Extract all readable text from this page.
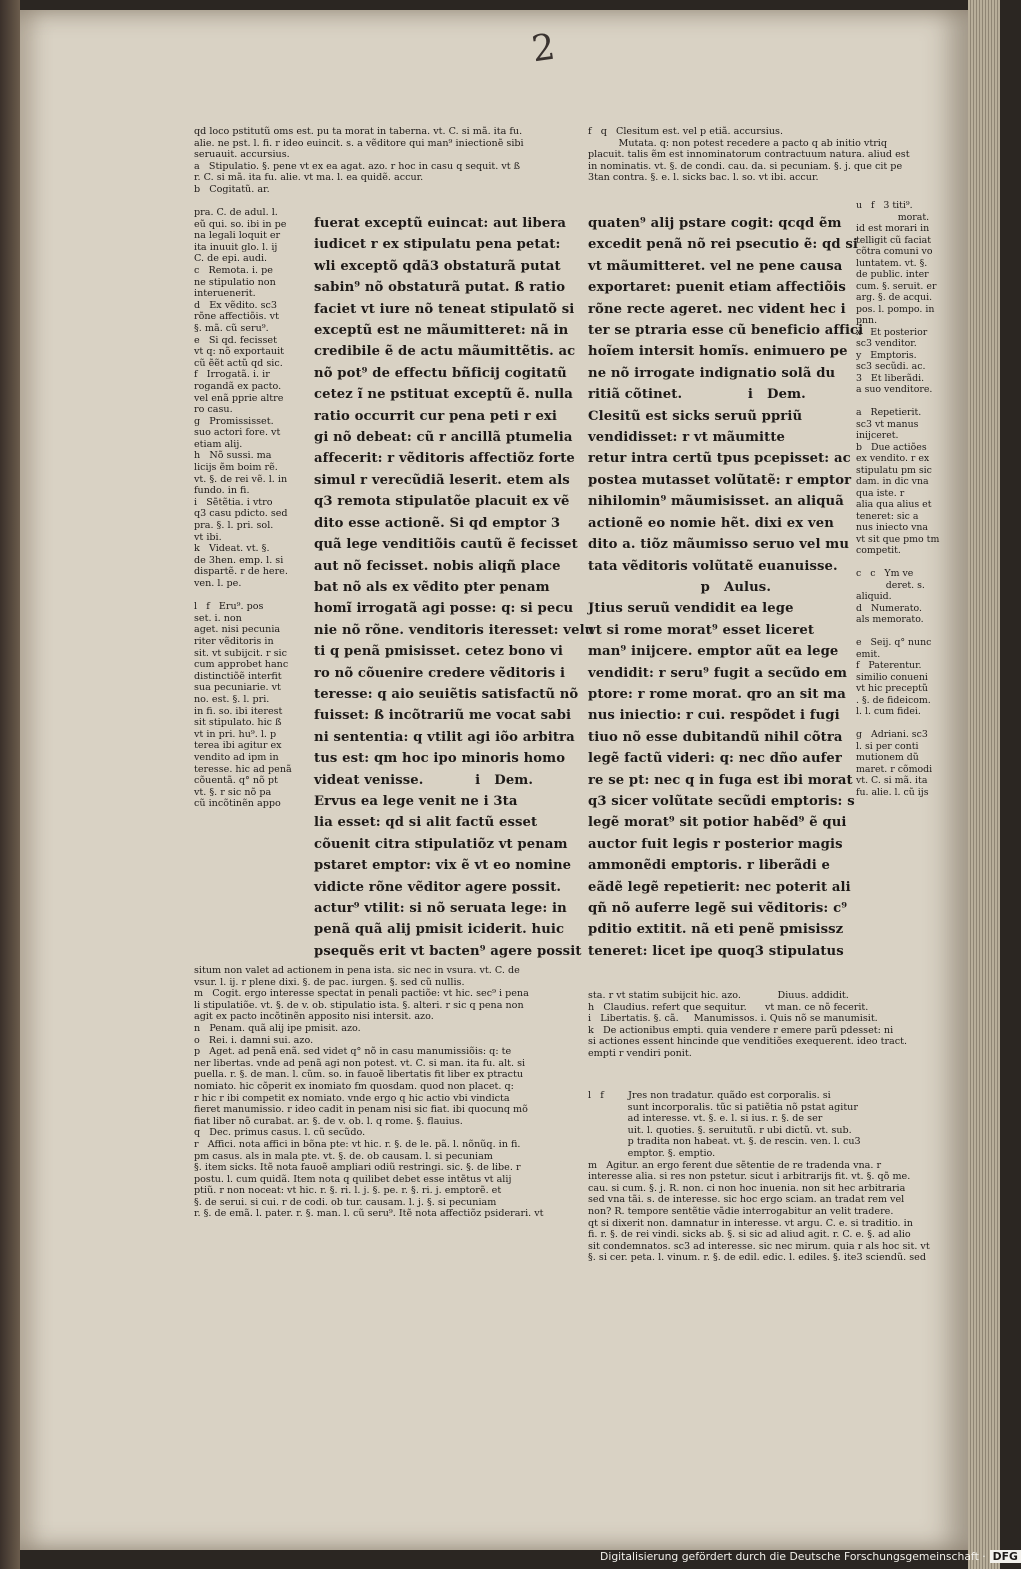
2
qd loco pstitutũ oms est. pu ta morat in taberna. vt. C. si mã. ita fu.
alie. ne pst. l. fi. r ideo euincit. s. a vẽditore qui man⁹ iniectionẽ sibi
seruauit. accursius.
a   Stipulatio. §. pene vt ex ea agat. azo. r hoc in casu q sequit. vt ß
r. C. si mã. ita fu. alie. vt ma. l. ea quidẽ. accur.
b   Cogitatũ. ar.
pra. C. de adul. l.
eũ qui. so. ibi in pe
na legali loquit er
ita inuuit glo. l. ij
C. de epi. audi.
c   Remota. i. pe
ne stipulatio non
interuenerit.
d   Ex vẽdito. sc3
rõne affectiõis. vt
§. mã. cũ seru⁹.
e   Si qd. fecisset
vt q: nõ exportauit
cũ ẽẽt actũ qd sic.
f   Irrogatã. i. ir
rogandã ex pacto.
vel enã pprie altre
ro casu.
g   Promississet.
suo actori fore. vt
etiam alij.
h   Nõ sussi. ma
licijs ẽm boim rẽ.
vt. §. de rei vẽ. l. in
fundo. in fi.
i   Sẽtẽtia. i vtro
q3 casu pdicto. sed
pra. §. l. pri. sol.
vt ibi.
k   Videat. vt. §.
de 3hen. emp. l. si
dispartẽ. r de here.
ven. l. pe.

l   f   Eru⁹. pos
set. i. non
aget. nisi pecunia
riter vẽditoris in
sit. vt subijcit. r sic
cum approbet hanc
distinctiõẽ interfit
sua pecuniarie. vt
no. est. §. l. pri.
in fi. so. ibi iterest
sit stipulato. hic ß
vt in pri. hu⁹. l. p
terea ibi agitur ex
vendito ad ipm in
teresse. hic ad penã
cõuentã. q° nõ pt
vt. §. r sic nõ pa
cũ incõtinẽn appo
fuerat exceptũ euincat: aut libera
iudicet r ex stipulatu pena petat:
wli exceptõ qdã3 obstaturã putat
sabin⁹ nõ obstaturã putat. ß ratio
faciet vt iure nõ teneat stipulatõ si
exceptũ est ne mãumitteret: nã in
credibile ẽ de actu mãumittẽtis. ac
nõ pot⁹ de effectu bñficij cogitatũ
cetez ĩ ne pstituat exceptũ ẽ. nulla
ratio occurrit cur pena peti r exi
gi nõ debeat: cũ r ancillã ptumelia
affecerit: r vẽditoris affectiõz forte
simul r verecũdiã leserit. etem als
q3 remota stipulatõe placuit ex vẽ
dito esse actionẽ. Si qd emptor 3
quã lege venditiõis cautũ ẽ fecisset
aut nõ fecisset. nobis aliqñ place
bat nõ als ex vẽdito pter penam
homĩ irrogatã agi posse: q: si pecu
nie nõ rõne. venditoris iteresset:
ti q penã pmisisset. cetez bono vi
ro nõ cõuenire credere vẽditoris i
teresse: q aio seuiẽtis satisfactũ nõ
fuisset: ß incõtrariũ me vocat sabi
ni sententia: q vtilit agi iõo arbitra
tus est: qm hoc ipo minoris homo
videat venisse.           i   Dem.
Ervus ea lege venit ne i 3ta
lia esset: qd si alit factũ esset
cõuenit citra stipulatiõz vt penam
pstaret emptor: vix ẽ vt eo nomine
vidicte rõne vẽditor agere possit.
actur⁹ vtilit: si nõ seruata lege: in
penã quã alij pmisit iciderit. huic
psequẽs erit vt bacten⁹ agere possit
situm non valet ad actionem in pena ista. sic nec in vsura. vt. C. de
vsur. l. ij. r plene dixi. §. de pac. iurgen. §. sed cũ nullis.
m   Cogit. ergo interesse spectat in penali pactiõe: vt hic. sec⁹ i pena
li stipulatiõe. vt. §. de v. ob. stipulatio ista. §. alteri. r sic q pena non
agit ex pacto incõtinẽn apposito nisi intersit. azo.
n   Penam. quã alij ipe pmisit. azo.
o   Rei. i. damni sui. azo.
p   Aget. ad penã enã. sed videt q° nõ in casu manumissiõis: q: te
ner libertas. vnde ad penã agi non potest. vt. C. si man. ita fu. alt. si
puella. r. §. de man. l. cũm. so. in fauoẽ libertatis fit liber ex ptractu
nomiato. hic cõperit ex inomiato fm quosdam. quod non placet. q:
r hic r ibi competit ex nomiato. vnde ergo q hic actio vbi vindicta
fieret manumissio. r ideo cadit in penam nisi sic fiat. ibi quocunq mõ
fiat liber nõ curabat. ar. §. de v. ob. l. q rome. §. flauius.
q   Dec. primus casus. l. cũ secũdo.
r   Affici. nota affici in bõna pte: vt hic. r. §. de le. pã. l. nõnũq. in fi.
pm casus. als in mala pte. vt. §. de. ob causam. l. si pecuniam
§. item sicks. Itẽ nota fauoẽ ampliari odiũ restringi. sic. §. de libe. r
postu. l. cum quidã. Item nota q quilibet debet esse intẽtus vt alij
ptiũ. r non noceat: vt hic. r. §. ri. l. j. §. pe. r. §. ri. j. emptorẽ. et
§. de serui. si cui. r de codi. ob tur. causam. l. j. §. si pecuniam
r. §. de emã. l. pater. r. §. man. l. cũ seru⁹. Itẽ nota affectiõz psiderari. vt
f   q   Clesitum est. vel p etiã. accursius.
Mutata. q: non potest recedere a pacto q ab initio vtriq
placuit. talis ẽm est innominatorum contractuum natura. aliud est
in nominatis. vt. §. de condi. cau. da. si pecuniam. §. j. que cit pe
3tan contra. §. e. l. sicks bac. l. so. vt ibi. accur.
quaten⁹ alij pstare cogit: qcqd ẽm
excedit penã nõ rei psecutio ẽ: qd
vt mãumitteret. vel ne pene causa
exportaret: puenit etiam affectiõis
rõne recte ageret. nec vident hec i
ter se ptraria esse cũ beneficio affici
hoĩem intersit homĩs. enimuero pe
ne nõ irrogate indignatio solã du
ritiã cõtinet.              i   Dem.
Clesitũ est sicks seruũ ppriũ
vendidisset: r vt mãumitte
retur intra certũ tpus pcepisset: ac
postea mutasset volũtatẽ: r emptor
nihilomin⁹ mãumisisset. an aliquã
actionẽ eo nomie hẽt. dixi ex ven
dito a. tiõz mãumisso seruo vel mu
tata vẽditoris volũtatẽ euanuisse.
p   Aulus.
Jtius seruũ vendidit ea lege
vt si rome morat⁹ esset liceret
man⁹ inijcere. emptor aũt ea lege
vendidit: r seru⁹ fugit a secũdo em
ptore: r rome morat. qro an sit ma
nus iniectio: r cui. respõdet i fugi
tiuo nõ esse dubitandũ nihil cõtra
legẽ factũ videri: q: nec dño aufer
re se pt: nec q in fuga est ibi morat
q3 sicer volũtate secũdi emptoris:
legẽ morat⁹ sit potior habẽd⁹ ẽ qui
auctor fuit legis r posterior magis
ammonẽdi emptoris. r liberãdi e
eãdẽ legẽ repetierit: nec poterit ali
qñ nõ auferre legẽ sui vẽditoris: c⁹
pditio extitit. nã eti penẽ pmisissz
teneret: licet ipe quoq3 stipulatus
u   f   3 titi⁹.
morat.
id est morari in
telligit cũ faciat
cõtra comuni vo
luntatem. vt. §.
de public. inter
cum. §. seruit. er
arg. §. de acqui.
pos. l. pompo. in
pnn.
x   Et posterior
sc3 venditor.
y   Emptoris.
sc3 secũdi. ac.
3   Et liberãdi.
a suo venditore.

a   Repetierit.
sc3 vt manus
inijceret.
b   Due actiões
ex vendito. r ex
stipulatu pm sic
dam. in dic vna
qua iste. r
alia qua alius et
teneret: sic a
nus iniecto vna
vt sit que pmo tm
competit.

c   c   Ym ve
deret. s.
aliquid.
d   Numerato.
als memorato.

e   Seij. q° nunc
emit.
f   Paterentur.
similio conueni
vt hic preceptũ
. §. de fideicom.
l. l. cum fidei.

g   Adriani. sc3
l. si per conti
mutionem dũ
maret. r cõmodi
vt. C. si mã. ita
fu. alie. l. cũ ijs
sta. r vt statim subijcit hic. azo.            Diuus. addidit.
h   Claudius. refert que sequitur.      vt man. ce nõ fecerit.
i   Libertatis. §. cã.     Manumissos. i. Quis nõ se manumisit.
k   De actionibus empti. quia vendere r emere parũ pdesset: ni
si actiones essent hincinde que venditiões exequerent. ideo tract.
empti r vendiri ponit.
l   f        Jres non tradatur. quãdo est corporalis. si
sunt incorporalis. tũc si patiẽtia nõ pstat agitur
ad interesse. vt. §. e. l. si ius. r. §. de ser
uit. l. quoties. §. seruitutũ. r ubi dictũ. vt. sub.
p tradita non habeat. vt. §. de rescin. ven. l. cu3
emptor. §. emptio.
m   Agitur. an ergo ferent due sẽtentie de re tradenda vna. r
interesse alia. si res non pstetur. sicut i arbitrarijs fit. vt. §. qõ me.
cau. si cum. §. j. R. non. ci non hoc inuenia. non sit hec arbitraria
sed vna tãi. s. de interesse. sic hoc ergo sciam. an tradat rem vel
non? R. tempore sentẽtie vãdie interrogabitur an velit tradere.
qt si dixerit non. damnatur in interesse. vt argu. C. e. si traditio. in
fi. r. §. de rei vindi. sicks ab. §. si sic ad aliud agit. r. C. e. §. ad alio
sit condemnatos. sc3 ad interesse. sic nec mirum. quia r als hoc sit. vt
§. si cer. peta. l. vinum. r. §. de edil. edic. l. ediles. §. ite3 sciendũ. sed
Digitalisierung gefördert durch die Deutsche Forschungsgemeinschaft · DFG
